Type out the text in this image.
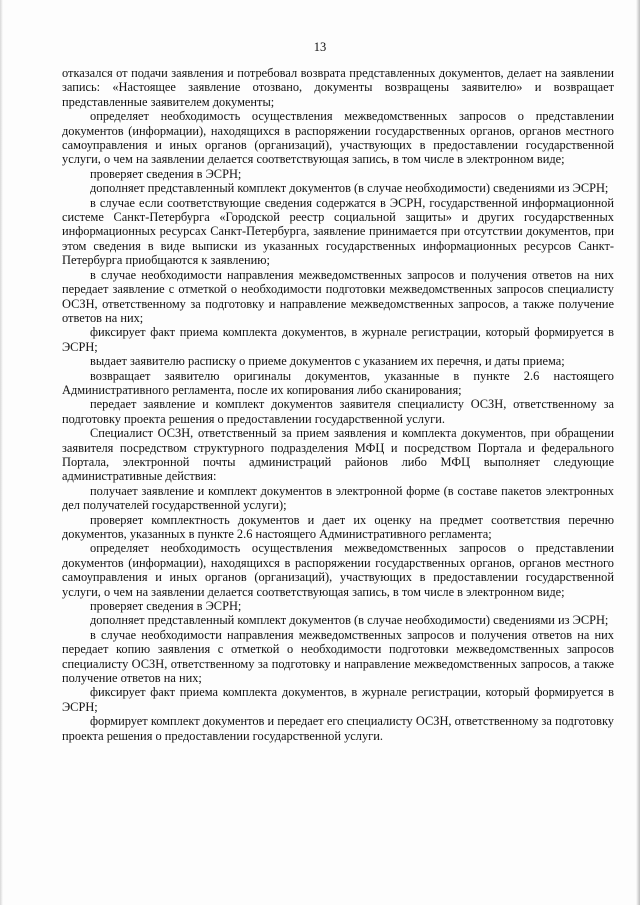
13

отказался от подачи заявления и потребовал возврата представленных документов, делает на заявлении запись: «Настоящее заявление отозвано, документы возвращены заявителю» и возвращает представленные заявителем документы;

определяет необходимость осуществления межведомственных запросов о представлении документов (информации), находящихся в распоряжении государственных органов, органов местного самоуправления и иных органов (организаций), участвующих в предоставлении государственной услуги, о чем на заявлении делается соответствующая запись, в том числе в электронном виде;

проверяет сведения в ЭСРН;

дополняет представленный комплект документов (в случае необходимости) сведениями из ЭСРН;

в случае если соответствующие сведения содержатся в ЭСРН, государственной информационной системе Санкт-Петербурга «Городской реестр социальной защиты» и других государственных информационных ресурсах Санкт-Петербурга, заявление принимается при отсутствии документов, при этом сведения в виде выписки из указанных государственных информационных ресурсов Санкт-Петербурга приобщаются к заявлению;

в случае необходимости направления межведомственных запросов и получения ответов на них передает заявление с отметкой о необходимости подготовки межведомственных запросов специалисту ОСЗН, ответственному за подготовку и направление межведомственных запросов, а также получение ответов на них;

фиксирует факт приема комплекта документов, в журнале регистрации, который формируется в ЭСРН;

выдает заявителю расписку о приеме документов с указанием их перечня, и даты приема;

возвращает заявителю оригиналы документов, указанные в пункте 2.6 настоящего Административного регламента, после их копирования либо сканирования;

передает заявление и комплект документов заявителя специалисту ОСЗН, ответственному за подготовку проекта решения о предоставлении государственной услуги.

Специалист ОСЗН, ответственный за прием заявления и комплекта документов, при обращении заявителя посредством структурного подразделения МФЦ и посредством Портала и федерального Портала, электронной почты администраций районов либо МФЦ выполняет следующие административные действия:

получает заявление и комплект документов в электронной форме (в составе пакетов электронных дел получателей государственной услуги);

проверяет комплектность документов и дает их оценку на предмет соответствия перечню документов, указанных в пункте 2.6 настоящего Административного регламента;

определяет необходимость осуществления межведомственных запросов о представлении документов (информации), находящихся в распоряжении государственных органов, органов местного самоуправления и иных органов (организаций), участвующих в предоставлении государственной услуги, о чем на заявлении делается соответствующая запись, в том числе в электронном виде;

проверяет сведения в ЭСРН;

дополняет представленный комплект документов (в случае необходимости) сведениями из ЭСРН;

в случае необходимости направления межведомственных запросов и получения ответов на них передает копию заявления с отметкой о необходимости подготовки межведомственных запросов специалисту ОСЗН, ответственному за подготовку и направление межведомственных запросов, а также получение ответов на них;

фиксирует факт приема комплекта документов, в журнале регистрации, который формируется в ЭСРН;

формирует комплект документов и передает его специалисту ОСЗН, ответственному за подготовку проекта решения о предоставлении государственной услуги.
